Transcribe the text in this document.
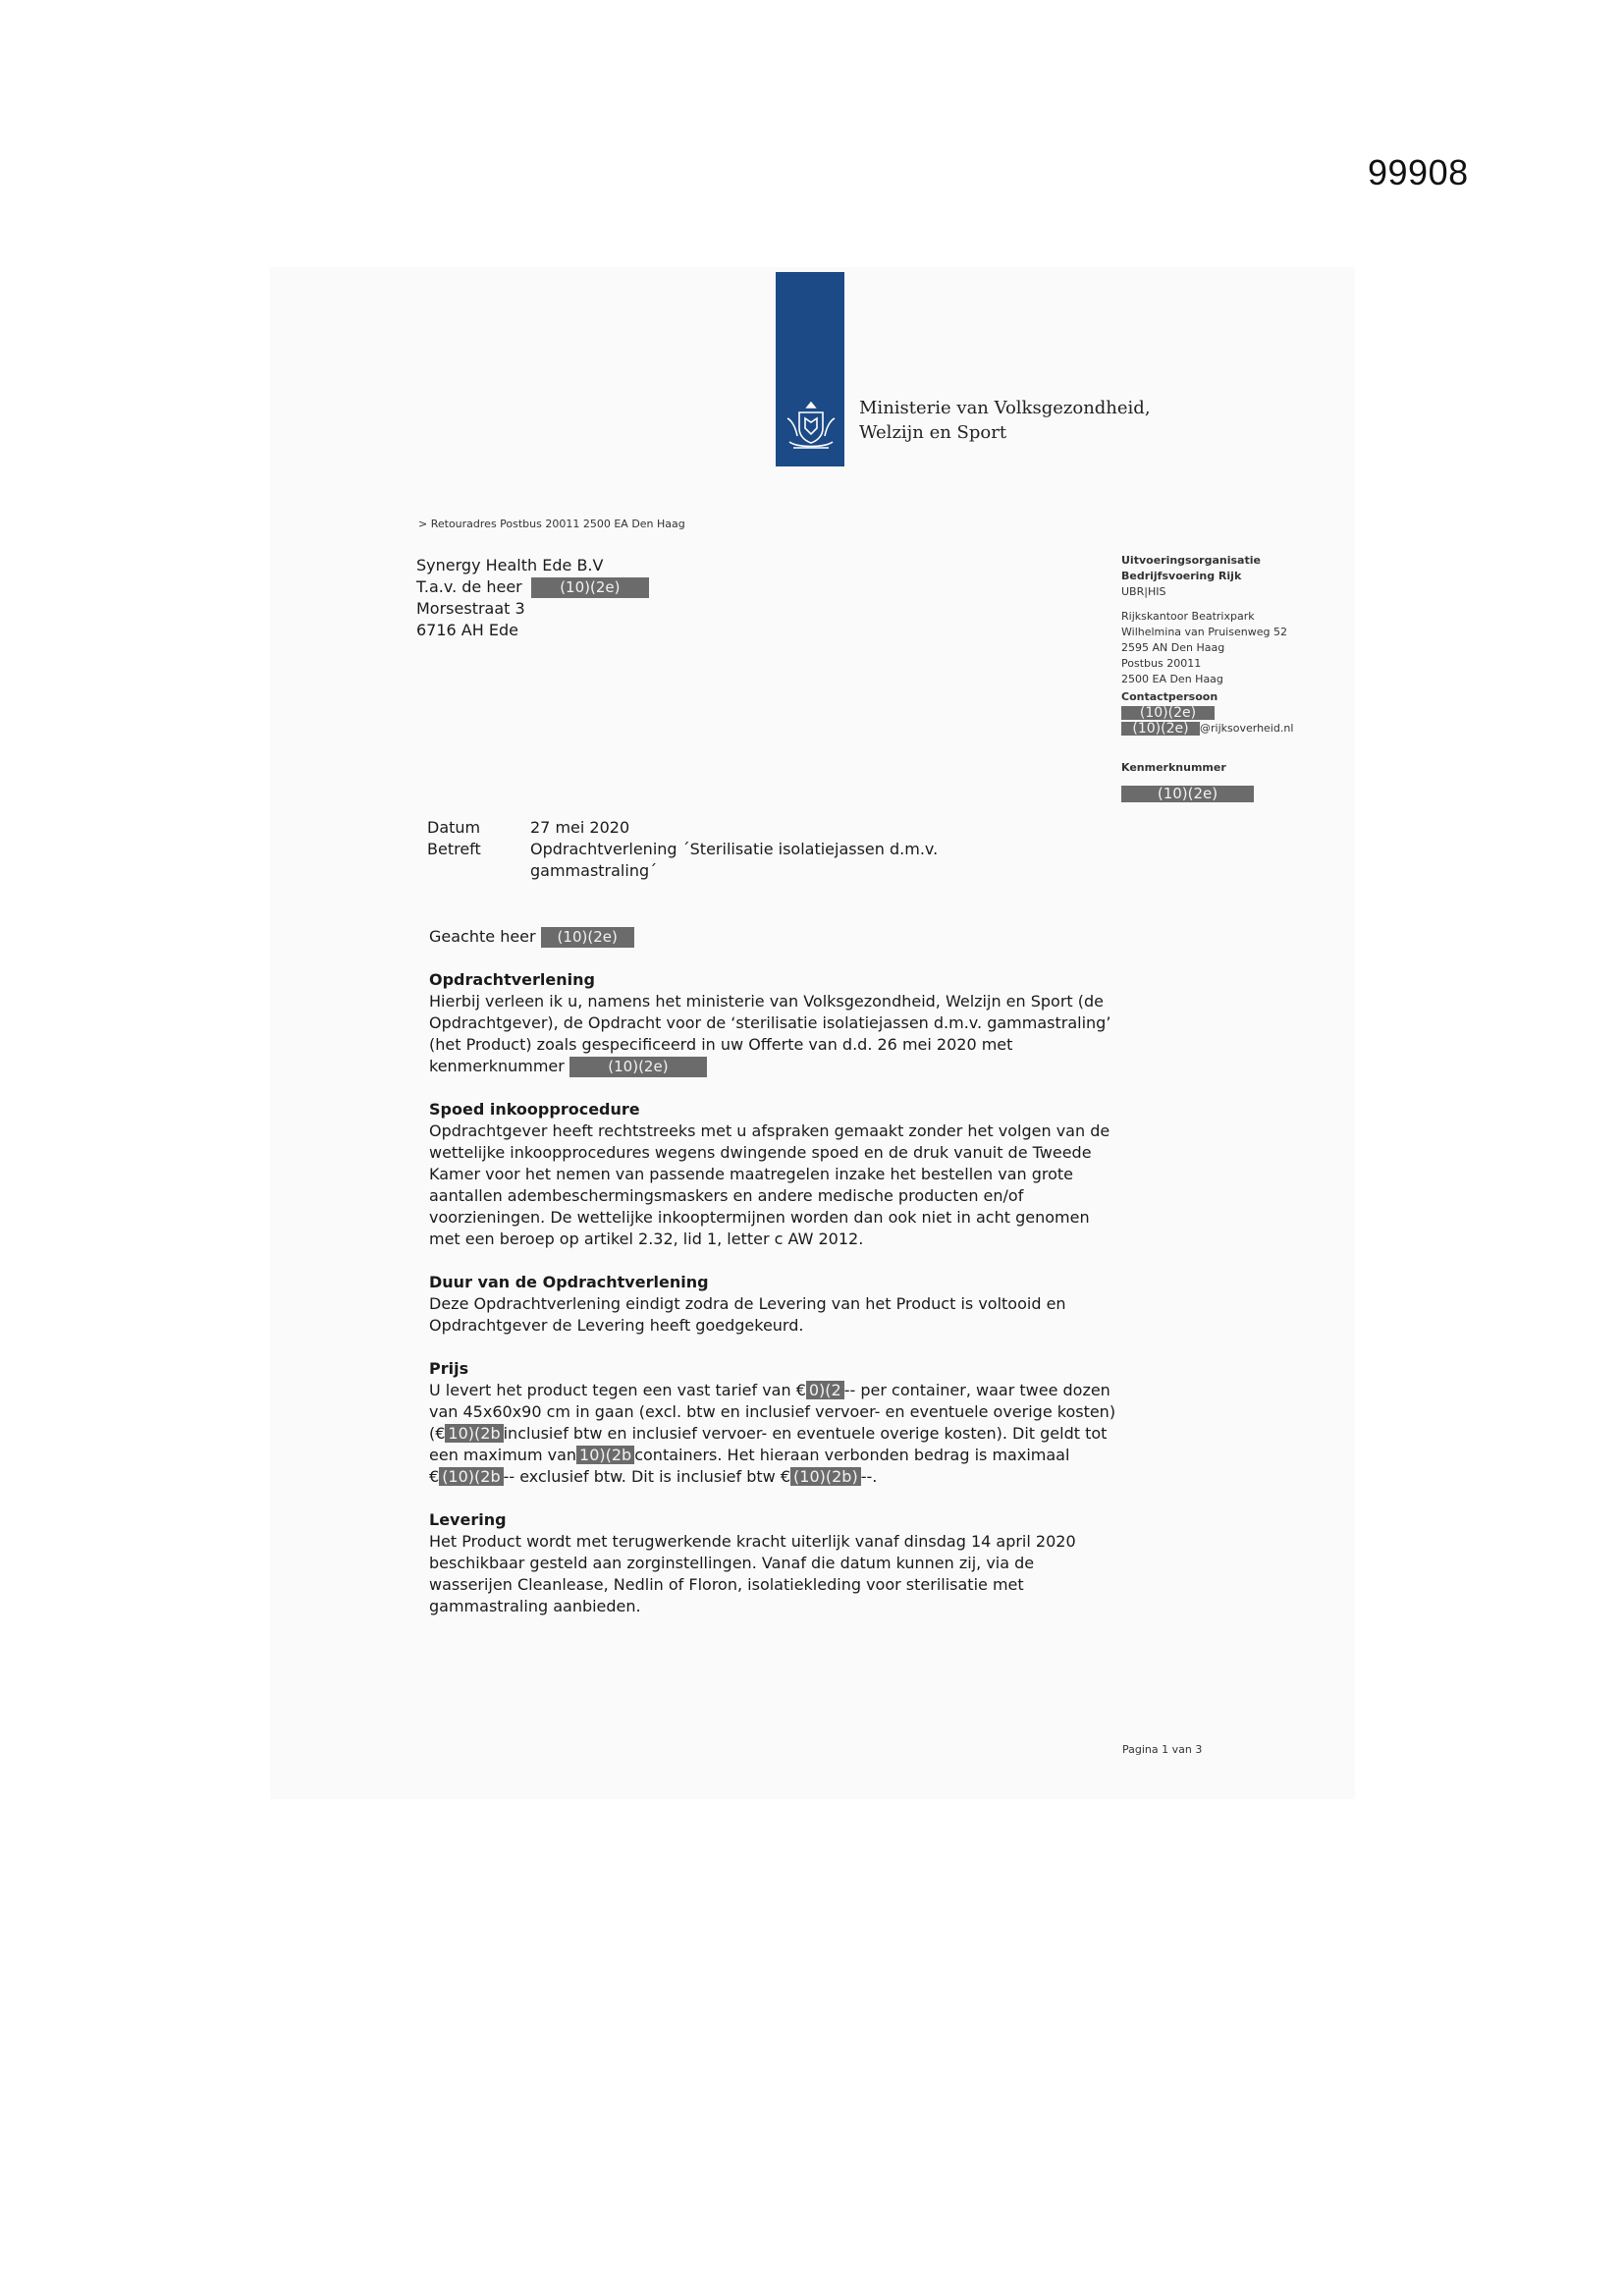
99908
Ministerie van Volksgezondheid,
Welzijn en Sport
> Retouradres Postbus 20011 2500 EA Den Haag
Synergy Health Ede B.V
T.a.v. de heer	(10)(2e)
Morsestraat 3
6716 AH Ede
Uitvoeringsorganisatie
Bedrijfsvoering Rijk
UBR|HIS
Rijkskantoor Beatrixpark
Wilhelmina van Pruisenweg 52
2595 AN Den Haag
Postbus 20011
2500 EA Den Haag
Contactpersoon
(10)(2e)
(10)(2e) @rijksoverheid.nl
Kenmerknummer
(10)(2e)
Datum	27 mei 2020
Betreft	Opdrachtverlening ´Sterilisatie isolatiejassen d.m.v. gammastraling´

Geachte heer (10)(2e)

Opdrachtverlening

Hierbij verleen ik u, namens het ministerie van Volksgezondheid, Welzijn en Sport (de Opdrachtgever), de Opdracht voor de ‘sterilisatie isolatiejassen d.m.v. gammastraling’ (het Product) zoals gespecificeerd in uw Offerte van d.d. 26 mei 2020 met kenmerknummer	(10)(2e)

Spoed inkoopprocedure

Opdrachtgever heeft rechtstreeks met u afspraken gemaakt zonder het volgen van de wettelijke inkoopprocedures wegens dwingende spoed en de druk vanuit de Tweede Kamer voor het nemen van passende maatregelen inzake het bestellen van grote aantallen adembeschermingsmaskers en andere medische producten en/of voorzieningen. De wettelijke inkooptermijnen worden dan ook niet in acht genomen met een beroep op artikel 2.32, lid 1, letter c AW 2012.

Duur van de Opdrachtverlening

Deze Opdrachtverlening eindigt zodra de Levering van het Product is voltooid en Opdrachtgever de Levering heeft goedgekeurd.

Prijs

U levert het product tegen een vast tarief van € 0)(2 -- per container, waar twee dozen van 45x60x90 cm in gaan (excl. btw en inclusief vervoer- en eventuele overige kosten) (€ 10)(2b inclusief btw en inclusief vervoer- en eventuele overige kosten). Dit geldt tot een maximum van 10)(2b containers. Het hieraan verbonden bedrag is maximaal € (10)(2b -- exclusief btw. Dit is inclusief btw € (10)(2b) --.

Levering

Het Product wordt met terugwerkende kracht uiterlijk vanaf dinsdag 14 april 2020 beschikbaar gesteld aan zorginstellingen. Vanaf die datum kunnen zij, via de wasserijen Cleanlease, Nedlin of Floron, isolatiekleding voor sterilisatie met gammastraling aanbieden.

Pagina 1 van 3
